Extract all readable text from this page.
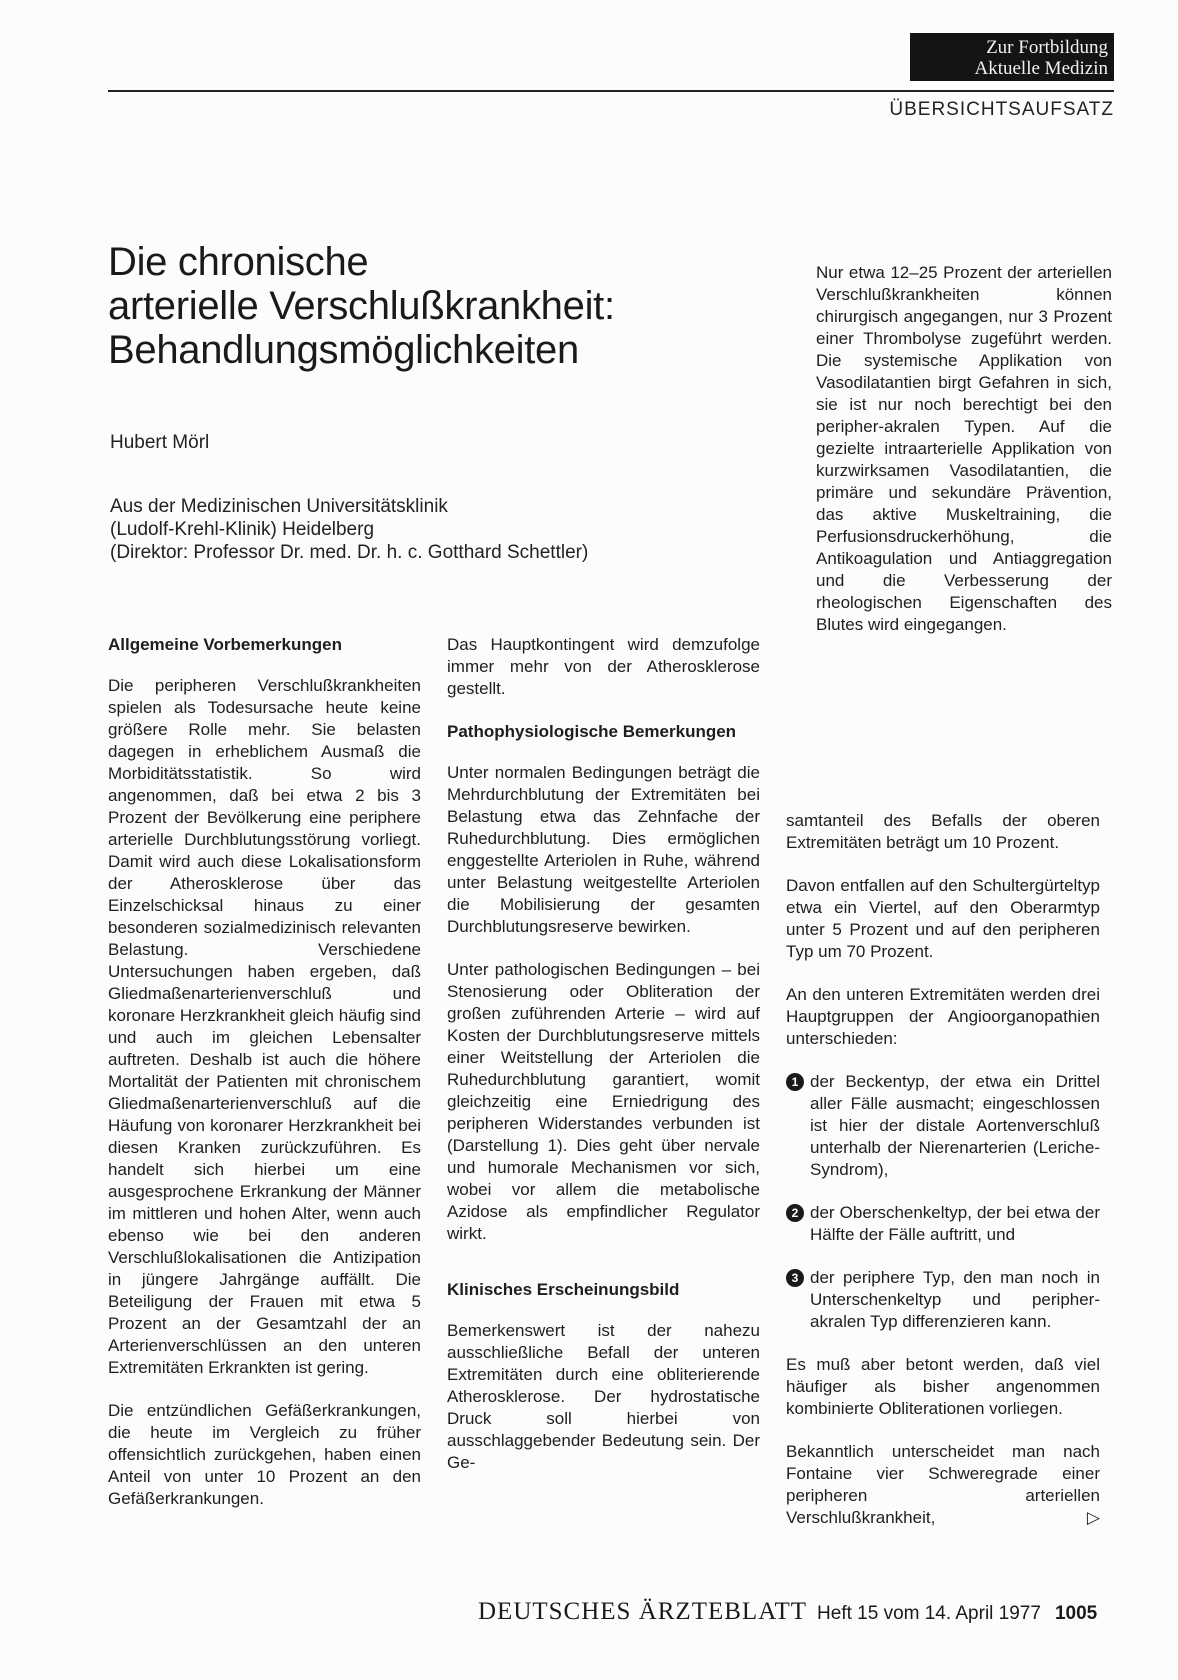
Zur Fortbildung
Aktuelle Medizin
ÜBERSICHTSAUFSATZ
Die chronische
arterielle Verschlußkrankheit:
Behandlungsmöglichkeiten
Hubert Mörl
Aus der Medizinischen Universitätsklinik
(Ludolf-Krehl-Klinik) Heidelberg
(Direktor: Professor Dr. med. Dr. h. c. Gotthard Schettler)

Nur etwa 12–25 Prozent der arteriellen Verschlußkrankheiten können chirurgisch angegangen, nur 3 Prozent einer Thrombolyse zugeführt werden. Die systemische Applikation von Vasodilatantien birgt Gefahren in sich, sie ist nur noch berechtigt bei den peripher-akralen Typen. Auf die gezielte intraarterielle Applikation von kurzwirksamen Vasodilatantien, die primäre und sekundäre Prävention, das aktive Muskeltraining, die Perfusionsdruckerhöhung, die Antikoagulation und Antiaggregation und die Verbesserung der rheologischen Eigenschaften des Blutes wird eingegangen.

Allgemeine Vorbemerkungen

Die peripheren Verschlußkrankheiten spielen als Todesursache heute keine größere Rolle mehr. Sie belasten dagegen in erheblichem Ausmaß die Morbiditätsstatistik. So wird angenommen, daß bei etwa 2 bis 3 Prozent der Bevölkerung eine periphere arterielle Durchblutungsstörung vorliegt. Damit wird auch diese Lokalisationsform der Atherosklerose über das Einzelschicksal hinaus zu einer besonderen sozialmedizinisch relevanten Belastung. Verschiedene Untersuchungen haben ergeben, daß Gliedmaßenarterienverschluß und koronare Herzkrankheit gleich häufig sind und auch im gleichen Lebensalter auftreten. Deshalb ist auch die höhere Mortalität der Patienten mit chronischem Gliedmaßenarterienverschluß auf die Häufung von koronarer Herzkrankheit bei diesen Kranken zurückzuführen. Es handelt sich hierbei um eine ausgesprochene Erkrankung der Männer im mittleren und hohen Alter, wenn auch ebenso wie bei den anderen Verschlußlokalisationen die Antizipation in jüngere Jahrgänge auffällt. Die Beteiligung der Frauen mit etwa 5 Prozent an der Gesamtzahl der an Arterienverschlüssen an den unteren Extremitäten Erkrankten ist gering.

Die entzündlichen Gefäßerkrankungen, die heute im Vergleich zu früher offensichtlich zurückgehen, haben einen Anteil von unter 10 Prozent an den Gefäßerkrankungen.

Das Hauptkontingent wird demzufolge immer mehr von der Atherosklerose gestellt.

Pathophysiologische Bemerkungen

Unter normalen Bedingungen beträgt die Mehrdurchblutung der Extremitäten bei Belastung etwa das Zehnfache der Ruhedurchblutung. Dies ermöglichen enggestellte Arteriolen in Ruhe, während unter Belastung weitgestellte Arteriolen die Mobilisierung der gesamten Durchblutungsreserve bewirken.

Unter pathologischen Bedingungen – bei Stenosierung oder Obliteration der großen zuführenden Arterie – wird auf Kosten der Durchblutungsreserve mittels einer Weitstellung der Arteriolen die Ruhedurchblutung garantiert, womit gleichzeitig eine Erniedrigung des peripheren Widerstandes verbunden ist (Darstellung 1). Dies geht über nervale und humorale Mechanismen vor sich, wobei vor allem die metabolische Azidose als empfindlicher Regulator wirkt.

Klinisches Erscheinungsbild

Bemerkenswert ist der nahezu ausschließliche Befall der unteren Extremitäten durch eine obliterierende Atherosklerose. Der hydrostatische Druck soll hierbei von ausschlaggebender Bedeutung sein. Der Ge-

samtanteil des Befalls der oberen Extremitäten beträgt um 10 Prozent.

Davon entfallen auf den Schultergürteltyp etwa ein Viertel, auf den Oberarmtyp unter 5 Prozent und auf den peripheren Typ um 70 Prozent.

An den unteren Extremitäten werden drei Hauptgruppen der Angioorganopathien unterschieden:

1 der Beckentyp, der etwa ein Drittel aller Fälle ausmacht; eingeschlossen ist hier der distale Aortenverschluß unterhalb der Nierenarterien (Leriche-Syndrom),

2 der Oberschenkeltyp, der bei etwa der Hälfte der Fälle auftritt, und

3 der periphere Typ, den man noch in Unterschenkeltyp und peripher-akralen Typ differenzieren kann.

Es muß aber betont werden, daß viel häufiger als bisher angenommen kombinierte Obliterationen vorliegen.

Bekanntlich unterscheidet man nach Fontaine vier Schweregrade einer peripheren arteriellen Verschlußkrankheit,	▷

DEUTSCHES ÄRZTEBLATT Heft 15 vom 14. April 1977 1005
